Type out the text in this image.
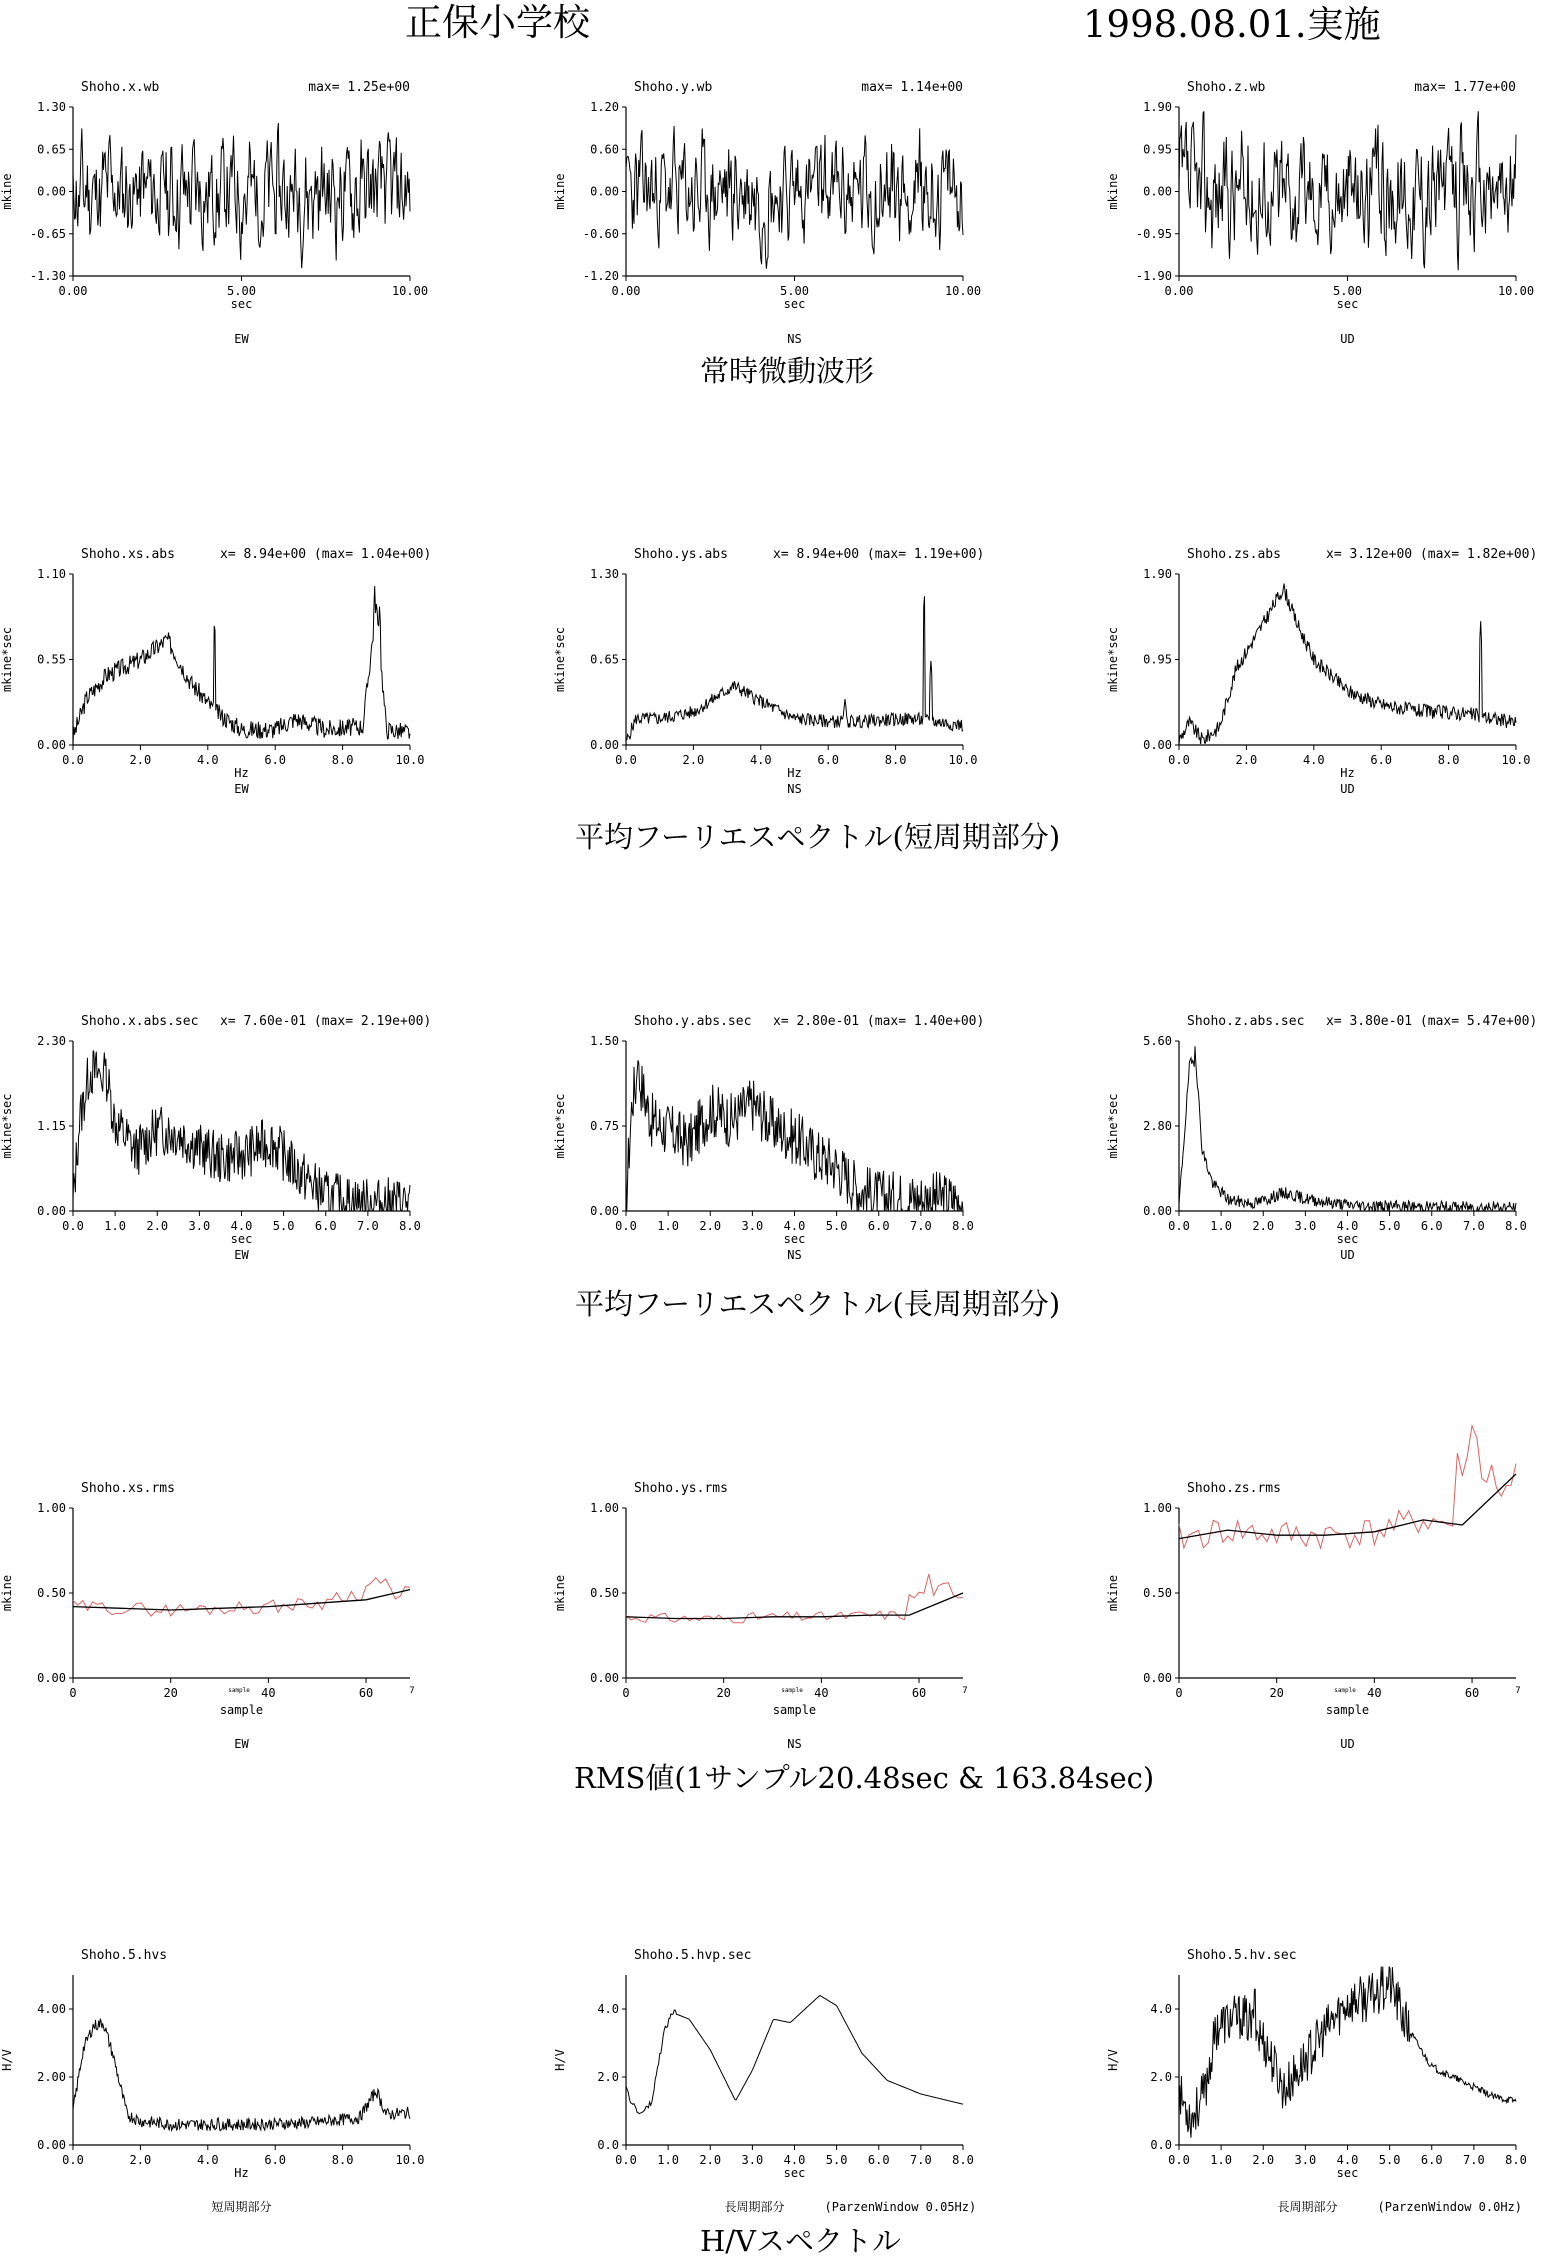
正保小学校	1998.08.01.実施
常時微動波形
平均フーリエスペクトル(短周期部分)
平均フーリエスペクトル(長周期部分)
RMS値(1サンプル20.48sec & 163.84sec)
H/Vスペクトル
Shoho.x.wb	max= 1.25e+00
1.30
0.65
0.00
-0.65
-1.30
0.00	5.00	10.00
sec
mkine
EW
Shoho.y.wb	max= 1.14e+00
1.20
0.60
0.00
-0.60
-1.20
0.00	5.00	10.00
sec
mkine
NS
Shoho.z.wb	max= 1.77e+00
1.90
0.95
0.00
-0.95
-1.90
0.00	5.00	10.00
sec
mkine
UD
Shoho.xs.abs	x= 8.94e+00 (max= 1.04e+00)
1.10
0.55
0.00
0.0	2.0	4.0	6.0	8.0	10.0
Hz
mkine*sec
EW
Shoho.ys.abs	x= 8.94e+00 (max= 1.19e+00)
1.30
0.65
0.00
0.0	2.0	4.0	6.0	8.0	10.0
Hz
mkine*sec
NS
Shoho.zs.abs	x= 3.12e+00 (max= 1.82e+00)
1.90
0.95
0.00
0.0	2.0	4.0	6.0	8.0	10.0
Hz
mkine*sec
UD
Shoho.x.abs.sec x= 7.60e-01 (max= 2.19e+00)
2.30
1.15
0.00
0.0 1.0 2.0 3.0 4.0 5.0 6.0 7.0 8.0
sec
mkine*sec
EW
Shoho.y.abs.sec x= 2.80e-01 (max= 1.40e+00)
1.50
0.75
0.00
0.0 1.0 2.0 3.0 4.0 5.0 6.0 7.0 8.0
sec
mkine*sec
NS
Shoho.z.abs.sec x= 3.80e-01 (max= 5.47e+00)
5.60
2.80
0.00
0.0 1.0 2.0 3.0 4.0 5.0 6.0 7.0 8.0
sec
mkine*sec
UD
Shoho.xs.rms
1.00
0.50
0.00
0	20	40	60	7
sample
sample
mkine
EW
Shoho.ys.rms
1.00
0.50
0.00
0	20	40	60	7
sample
sample
mkine
NS
Shoho.zs.rms
1.00
0.50
0.00
0	20	40	60	7
sample
sample
mkine
UD
Shoho.5.hvs
4.00
2.00
0.00
0.0	2.0	4.0	6.0	8.0	10.0
Hz
H/V
短周期部分
Shoho.5.hvp.sec
4.0
2.0
0.0
0.0 1.0 2.0 3.0 4.0 5.0 6.0 7.0 8.0
sec
H/V
長周期部分	(ParzenWindow 0.05Hz)
Shoho.5.hv.sec
4.0
2.0
0.0
0.0 1.0 2.0 3.0 4.0 5.0 6.0 7.0 8.0
sec
H/V
長周期部分	(ParzenWindow 0.0Hz)
